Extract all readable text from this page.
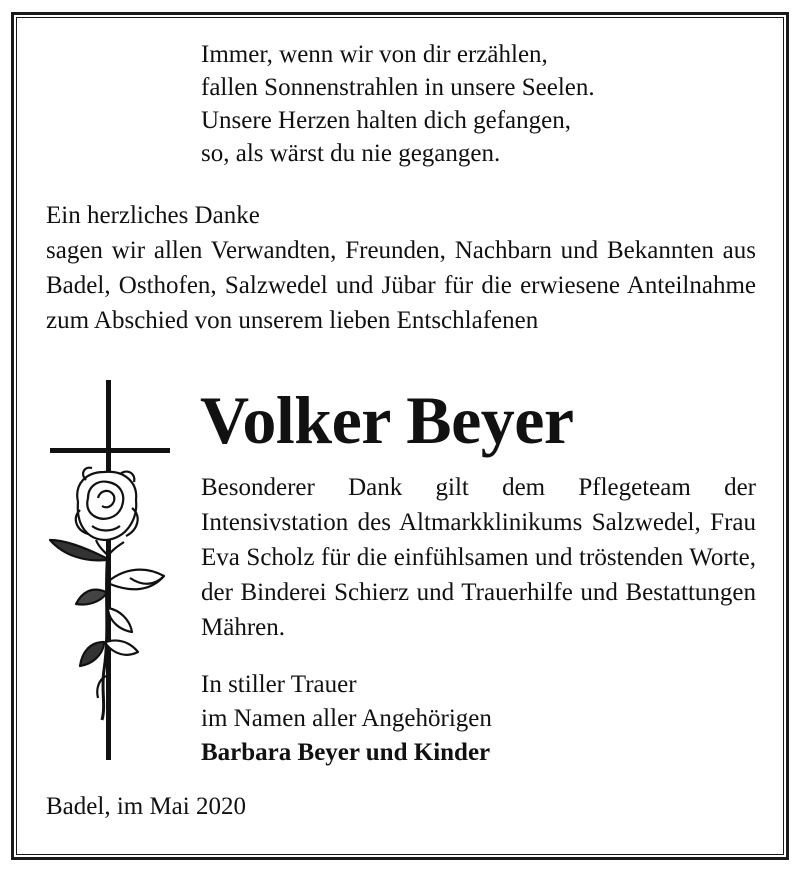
Immer, wenn wir von dir erzählen,
fallen Sonnenstrahlen in unsere Seelen.
Unsere Herzen halten dich gefangen,
so, als wärst du nie gegangen.
Ein herzliches Danke
sagen wir allen Verwandten, Freunden, Nachbarn und Bekannten aus Badel, Osthofen, Salzwedel und Jübar für die erwiesene Anteilnahme zum Abschied von unserem lieben Entschlafenen
Volker Beyer
Besonderer Dank gilt dem Pflegeteam der Intensivstation des Altmarkklinikums Salzwedel, Frau Eva Scholz für die einfühlsamen und tröstenden Worte, der Binderei Schierz und Trauerhilfe und Bestattungen Mähren.
In stiller Trauer
im Namen aller Angehörigen
Barbara Beyer und Kinder
Badel, im Mai 2020
